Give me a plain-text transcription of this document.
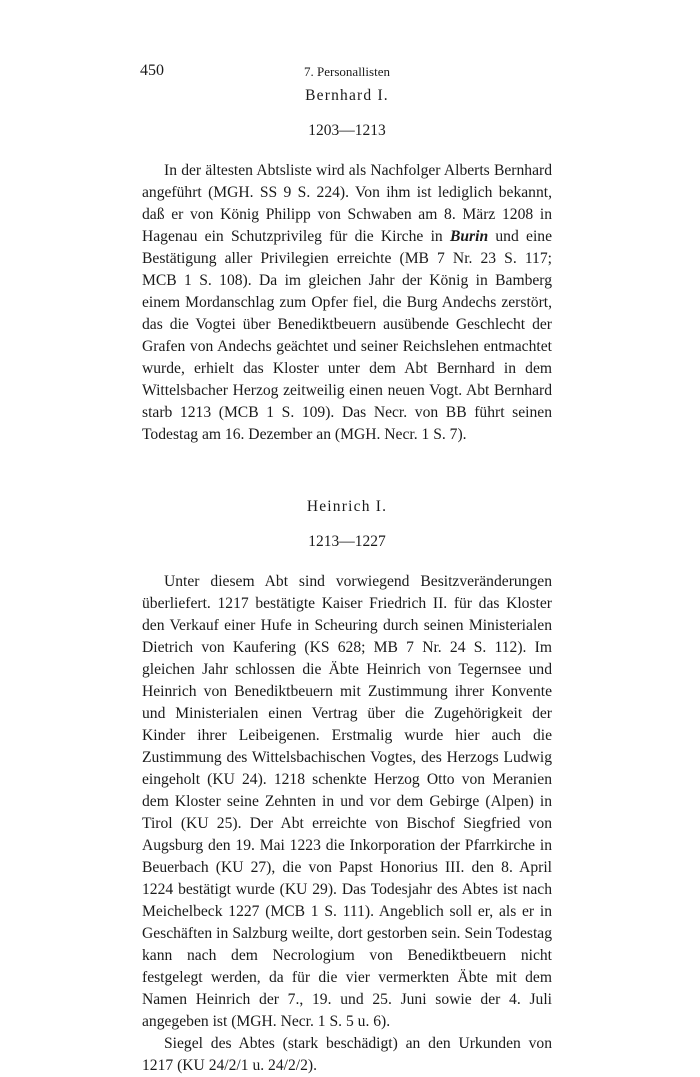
450	7. Personallisten
Bernhard I.
1203—1213

In der ältesten Abtsliste wird als Nachfolger Alberts Bernhard angeführt (MGH. SS 9 S. 224). Von ihm ist lediglich bekannt, daß er von König Philipp von Schwaben am 8. März 1208 in Hagenau ein Schutzprivileg für die Kirche in Burin und eine Bestätigung aller Privilegien erreichte (MB 7 Nr. 23 S. 117; MCB 1 S. 108). Da im gleichen Jahr der König in Bamberg einem Mordanschlag zum Opfer fiel, die Burg Andechs zerstört, das die Vogtei über Benediktbeuern ausübende Geschlecht der Grafen von Andechs geächtet und seiner Reichslehen entmachtet wurde, erhielt das Kloster unter dem Abt Bernhard in dem Wittelsbacher Herzog zeitweilig einen neuen Vogt. Abt Bernhard starb 1213 (MCB 1 S. 109). Das Necr. von BB führt seinen Todestag am 16. Dezember an (MGH. Necr. 1 S. 7).

Heinrich I.
1213—1227

Unter diesem Abt sind vorwiegend Besitzveränderungen überliefert. 1217 bestätigte Kaiser Friedrich II. für das Kloster den Verkauf einer Hufe in Scheuring durch seinen Ministerialen Dietrich von Kaufering (KS 628; MB 7 Nr. 24 S. 112). Im gleichen Jahr schlossen die Äbte Heinrich von Tegernsee und Heinrich von Benediktbeuern mit Zustimmung ihrer Konvente und Ministerialen einen Vertrag über die Zugehörigkeit der Kinder ihrer Leibeigenen. Erstmalig wurde hier auch die Zustimmung des Wittelsbachischen Vogtes, des Herzogs Ludwig eingeholt (KU 24). 1218 schenkte Herzog Otto von Meranien dem Kloster seine Zehnten in und vor dem Gebirge (Alpen) in Tirol (KU 25). Der Abt erreichte von Bischof Siegfried von Augsburg den 19. Mai 1223 die Inkorporation der Pfarrkirche in Beuerbach (KU 27), die von Papst Honorius III. den 8. April 1224 bestätigt wurde (KU 29). Das Todesjahr des Abtes ist nach Meichelbeck 1227 (MCB 1 S. 111). Angeblich soll er, als er in Geschäften in Salzburg weilte, dort gestorben sein. Sein Todestag kann nach dem Necrologium von Benediktbeuern nicht festgelegt werden, da für die vier vermerkten Äbte mit dem Namen Heinrich der 7., 19. und 25. Juni sowie der 4. Juli angegeben ist (MGH. Necr. 1 S. 5 u. 6).

Siegel des Abtes (stark beschädigt) an den Urkunden von 1217 (KU 24/2/1 u. 24/2/2).
